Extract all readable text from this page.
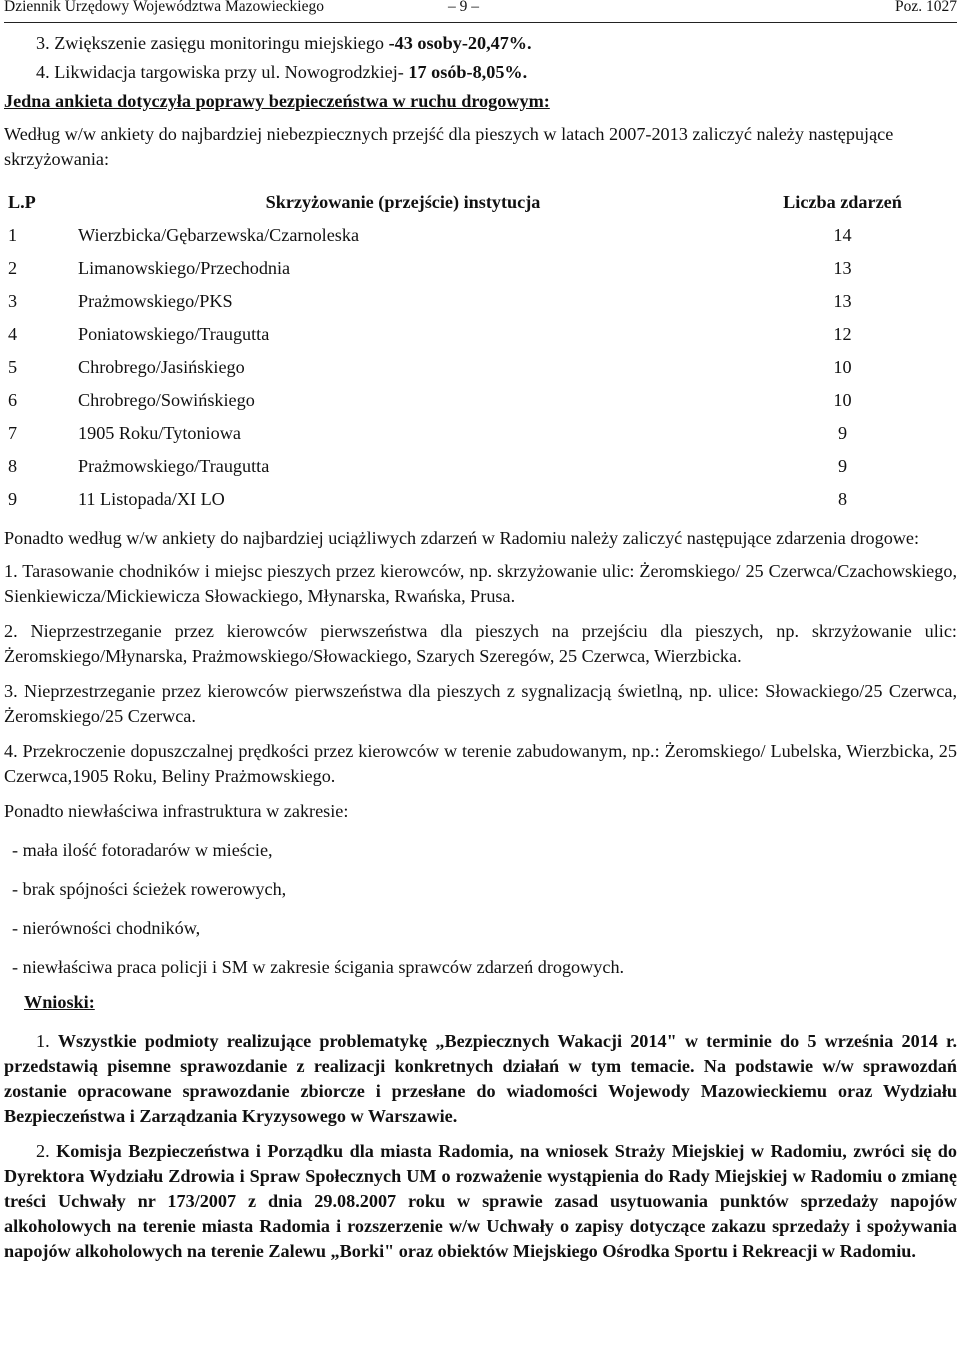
Dziennik Urzędowy Województwa Mazowieckiego	– 9 –	Poz. 1027

3. Zwiększenie zasięgu monitoringu miejskiego -43 osoby-20,47%.

4. Likwidacja targowiska przy ul. Nowogrodzkiej- 17 osób-8,05%.

Jedna ankieta dotyczyła poprawy bezpieczeństwa w ruchu drogowym:

Według w/w ankiety do najbardziej niebezpiecznych przejść dla pieszych w latach 2007-2013 zaliczyć należy następujące skrzyżowania:

L.P	Skrzyżowanie (przejście) instytucja	Liczba zdarzeń
1	Wierzbicka/Gębarzewska/Czarnoleska	14
2	Limanowskiego/Przechodnia	13
3	Prażmowskiego/PKS	13
4	Poniatowskiego/Traugutta	12
5	Chrobrego/Jasińskiego	10
6	Chrobrego/Sowińskiego	10
7	1905 Roku/Tytoniowa	9
8	Prażmowskiego/Traugutta	9
9	11 Listopada/XI LO	8

Ponadto według w/w ankiety do najbardziej uciążliwych zdarzeń w Radomiu należy zaliczyć następujące zdarzenia drogowe:

1. Tarasowanie chodników i miejsc pieszych przez kierowców, np. skrzyżowanie ulic: Żeromskiego/ 25 Czerwca/Czachowskiego, Sienkiewicza/Mickiewicza Słowackiego, Młynarska, Rwańska, Prusa.

2. Nieprzestrzeganie przez kierowców pierwszeństwa dla pieszych na przejściu dla pieszych, np. skrzyżowanie ulic: Żeromskiego/Młynarska, Prażmowskiego/Słowackiego, Szarych Szeregów, 25 Czerwca, Wierzbicka.

3. Nieprzestrzeganie przez kierowców pierwszeństwa dla pieszych z sygnalizacją świetlną, np. ulice: Słowackiego/25 Czerwca, Żeromskiego/25 Czerwca.

4. Przekroczenie dopuszczalnej prędkości przez kierowców w terenie zabudowanym, np.: Żeromskiego/ Lubelska, Wierzbicka, 25 Czerwca,1905 Roku, Beliny Prażmowskiego.

Ponadto niewłaściwa infrastruktura w zakresie:

- mała ilość fotoradarów w mieście,

- brak spójności ścieżek rowerowych,

- nierówności chodników,

- niewłaściwa praca policji i SM w zakresie ścigania sprawców zdarzeń drogowych.

Wnioski:

1. Wszystkie podmioty realizujące problematykę „Bezpiecznych Wakacji 2014" w terminie do 5 września 2014 r. przedstawią pisemne sprawozdanie z realizacji konkretnych działań w tym temacie. Na podstawie w/w sprawozdań zostanie opracowane sprawozdanie zbiorcze i przesłane do wiadomości Wojewody Mazowieckiemu oraz Wydziału Bezpieczeństwa i Zarządzania Kryzysowego w Warszawie.

2. Komisja Bezpieczeństwa i Porządku dla miasta Radomia, na wniosek Straży Miejskiej w Radomiu, zwróci się do Dyrektora Wydziału Zdrowia i Spraw Społecznych UM o rozważenie wystąpienia do Rady Miejskiej w Radomiu o zmianę treści Uchwały nr 173/2007 z dnia 29.08.2007 roku w sprawie zasad usytuowania punktów sprzedaży napojów alkoholowych na terenie miasta Radomia i rozszerzenie w/w Uchwały o zapisy dotyczące zakazu sprzedaży i spożywania napojów alkoholowych na terenie Zalewu „Borki" oraz obiektów Miejskiego Ośrodka Sportu i Rekreacji w Radomiu.
